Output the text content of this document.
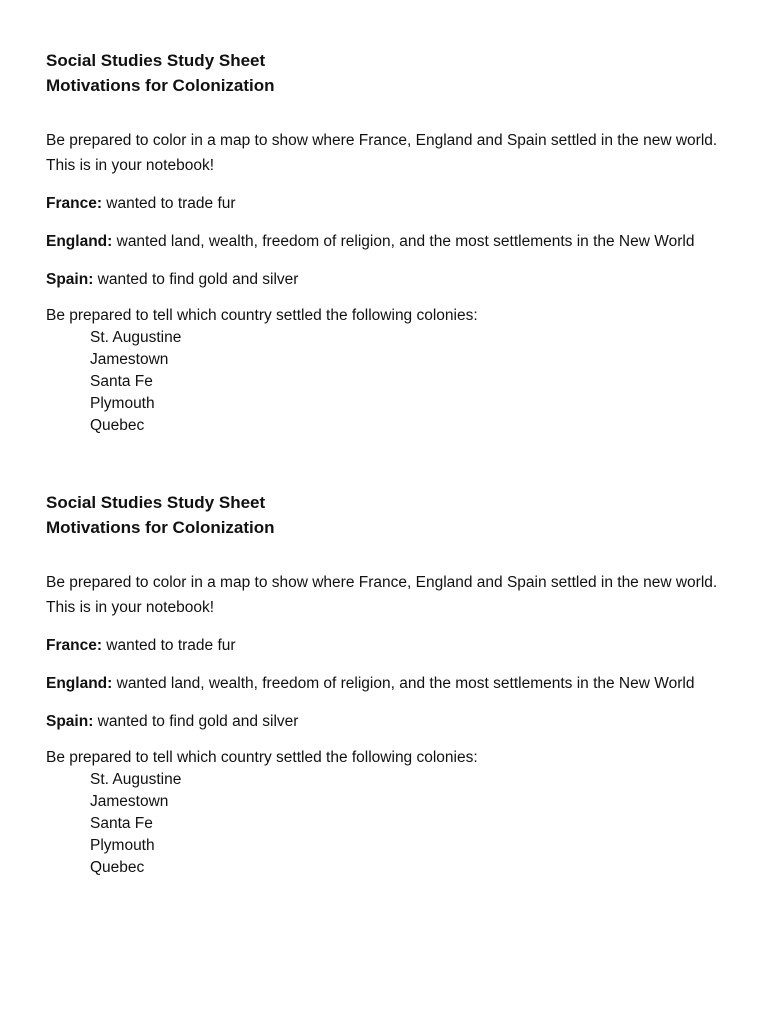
Social Studies Study Sheet

Motivations for Colonization

Be prepared to color in a map to show where France, England and Spain settled in the new world. This is in your notebook!

France: wanted to trade fur

England: wanted land, wealth, freedom of religion, and the most settlements in the New World

Spain: wanted to find gold and silver

Be prepared to tell which country settled the following colonies:

St. Augustine
Jamestown
Santa Fe
Plymouth
Quebec

Social Studies Study Sheet

Motivations for Colonization

Be prepared to color in a map to show where France, England and Spain settled in the new world. This is in your notebook!

France: wanted to trade fur

England: wanted land, wealth, freedom of religion, and the most settlements in the New World

Spain: wanted to find gold and silver

Be prepared to tell which country settled the following colonies:

St. Augustine
Jamestown
Santa Fe
Plymouth
Quebec
